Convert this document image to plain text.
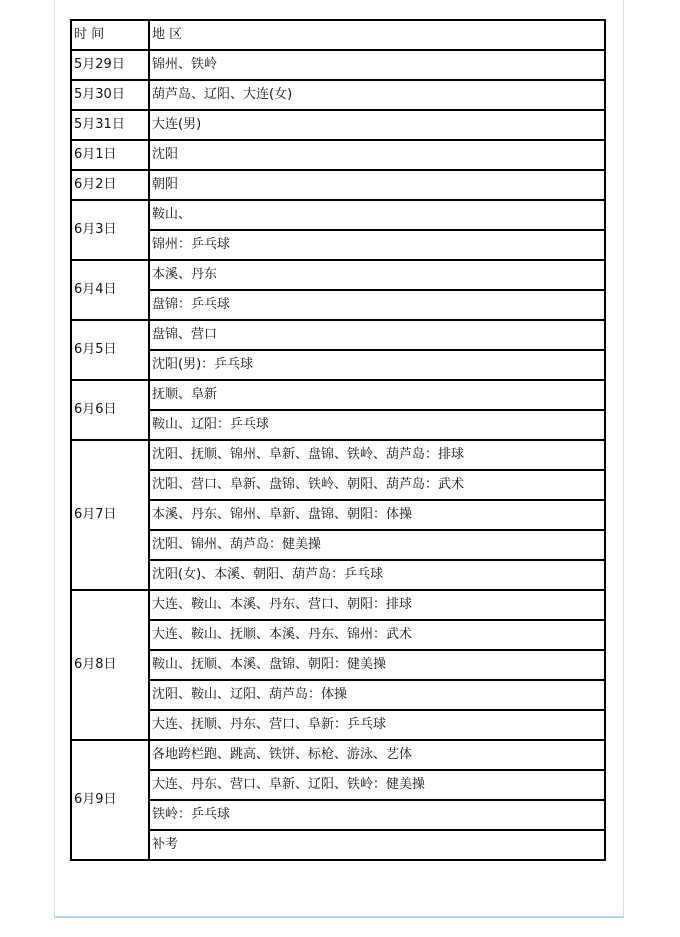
时 间	地 区
5月29日	锦州、铁岭
5月30日	葫芦岛、辽阳、大连(女)
5月31日	大连(男)
6月1日	沈阳
6月2日	朝阳
6月3日	鞍山、
	锦州：乒乓球
6月4日	本溪、丹东
	盘锦：乒乓球
6月5日	盘锦、营口
	沈阳(男)：乒乓球
6月6日	抚顺、阜新
	鞍山、辽阳：乒乓球
6月7日	沈阳、抚顺、锦州、阜新、盘锦、铁岭、葫芦岛：排球
	沈阳、营口、阜新、盘锦、铁岭、朝阳、葫芦岛：武术
	本溪、丹东、锦州、阜新、盘锦、朝阳：体操
	沈阳、锦州、葫芦岛：健美操
	沈阳(女)、本溪、朝阳、葫芦岛：乒乓球
6月8日	大连、鞍山、本溪、丹东、营口、朝阳：排球
	大连、鞍山、抚顺、本溪、丹东、锦州：武术
	鞍山、抚顺、本溪、盘锦、朝阳：健美操
	沈阳、鞍山、辽阳、葫芦岛：体操
	大连、抚顺、丹东、营口、阜新：乒乓球
6月9日	各地跨栏跑、跳高、铁饼、标枪、游泳、艺体
	大连、丹东、营口、阜新、辽阳、铁岭：健美操
	铁岭：乒乓球
	补考
